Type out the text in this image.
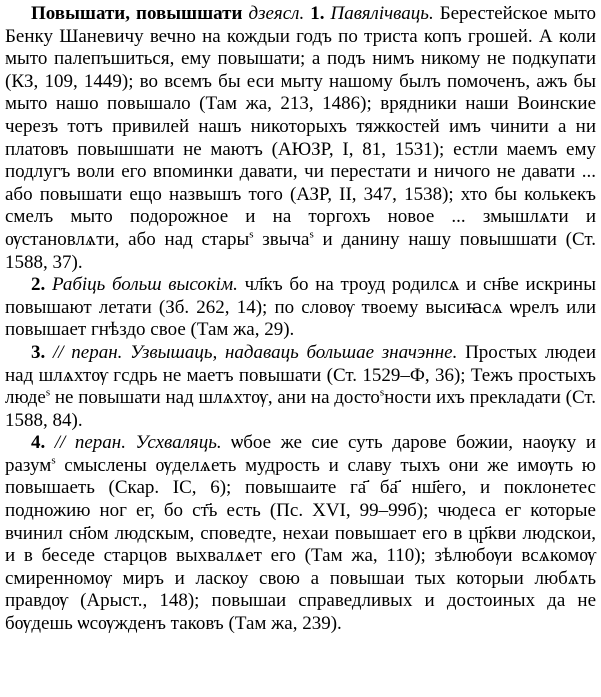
Повышати, повышшати дзеясл. 1. Павялічваць. Берестейское мыто Бенку Шаневичу вечно на кождыи годъ по триста копъ грошей. А коли мыто палепъшиться, ему повышати; а подъ нимъ никому не подкупати (КЗ, 109, 1449); во всемъ бы еси мыту нашому былъ помоченъ, ажъ бы мыто нашо повышало (Там жа, 213, 1486); врядники наши Воинские черезъ тотъ привилей нашъ никоторыхъ тяжкостей имъ чинити а ни платовъ повышшати не маютъ (АЮЗР, I, 81, 1531); естли маемъ ему подлугъ воли его впоминки давати, чи перестати и ничого не давати ... або повышати ещо назвышъ того (АЗР, II, 347, 1538); хто бы колькекъ смелъ мыто подорожное и на торгохъ новое ... змышлѧти и ѹстановлѧти, або над стары$^s$ звыча$^s$ и данину нашу повышшати (Ст. 1588, 37).

2. Рабіць больш высокім. чл҃къ бо на троуд родилсѧ и сн҃ве искрины повышают летати (Зб. 262, 14); по словѹ твоему высиꙗсѧ ѡрелъ или повышает гнѣздо свое (Там жа, 29).

3. // перан. Узвышаць, надаваць большае значэнне. Простых людеи над шлѧхтѹ гсдрь не маетъ повышати (Ст. 1529–Ф, 36); Тежъ простыхъ люде$^s$ не повышати над шлѧхтѹ, ани на досто$^s$ности ихъ прекладати (Ст. 1588, 84).

4. // перан. Усхваляць. ѡбое же сие суть дарове божии, наѹку и разум$^s$ смыслены ѹделѧеть мудрость и славу тыхъ они же имѹть ю повышаеть (Скар. IC, 6); повышаите га҃ ба҃ нш҃его, и поклонетес подножию ног ег, бо ст҃ь есть (Пс. XVI, 99–99б); чюдеса ег которые вчинил сн҃ом людскым, споведте, нехаи повышает его в цр҃кви людскои, и в беседе старцов выхвалѧет его (Там жа, 110); зѣлюбѹи всѧкомѹ смиренномѹ миръ и ласкоу свою а повышаи тых которыи любѧть правдѹ (Арыст., 148); повышаи справедливых и достоиных да не бѹдешь ѡсѹжденъ таковъ (Там жа, 239).
